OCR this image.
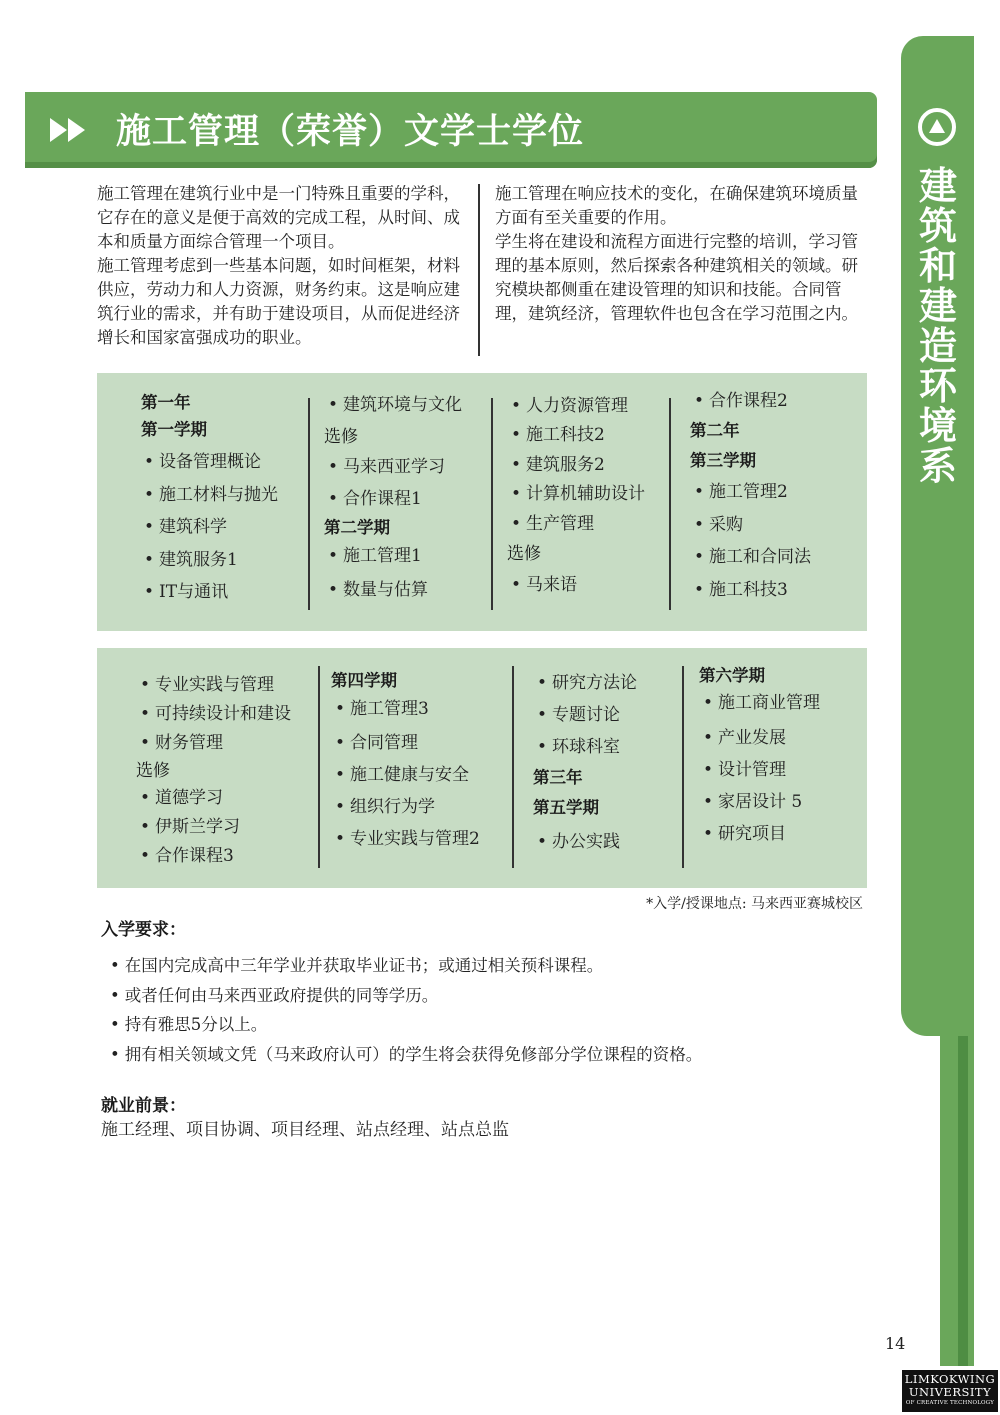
建筑和建造环境系
施工管理（荣誉）文学士学位

施工管理在建筑行业中是一门特殊且重要的学科，它存在的意义是便于高效的完成工程，从时间、成本和质量方面综合管理一个项目。

施工管理考虑到一些基本问题，如时间框架，材料供应，劳动力和人力资源，财务约束。这是响应建筑行业的需求，并有助于建设项目，从而促进经济增长和国家富强成功的职业。

施工管理在响应技术的变化，在确保建筑环境质量方面有至关重要的作用。

学生将在建设和流程方面进行完整的培训，学习管理的基本原则，然后探索各种建筑相关的领域。研究模块都侧重在建设管理的知识和技能。合同管理，建筑经济，管理软件也包含在学习范围之内。

第一年
第一学期
• 设备管理概论
• 施工材料与抛光
• 建筑科学
• 建筑服务1
• IT与通讯
• 建筑环境与文化
选修
• 马来西亚学习
• 合作课程1
第二学期
• 施工管理1
• 数量与估算
• 人力资源管理
• 施工科技2
• 建筑服务2
• 计算机辅助设计
• 生产管理
选修
• 马来语
• 合作课程2
第二年
第三学期
• 施工管理2
• 采购
• 施工和合同法
• 施工科技3
• 专业实践与管理
• 可持续设计和建设
• 财务管理
选修
• 道德学习
• 伊斯兰学习
• 合作课程3
第四学期
• 施工管理3
• 合同管理
• 施工健康与安全
• 组织行为学
• 专业实践与管理2
• 研究方法论
• 专题讨论
• 环球科室
第三年
第五学期
• 办公实践
第六学期
• 施工商业管理
• 产业发展
• 设计管理
• 家居设计 5
• 研究项目
*入学/授课地点: 马来西亚赛城校区
入学要求：
• 在国内完成高中三年学业并获取毕业证书；或通过相关预科课程。
• 或者任何由马来西亚政府提供的同等学历。
• 持有雅思5分以上。
• 拥有相关领域文凭（马来政府认可）的学生将会获得免修部分学位课程的资格。
就业前景：
施工经理、项目协调、项目经理、站点经理、站点总监
14
LIMKOKWING
UNIVERSITY
OF CREATIVE TECHNOLOGY
